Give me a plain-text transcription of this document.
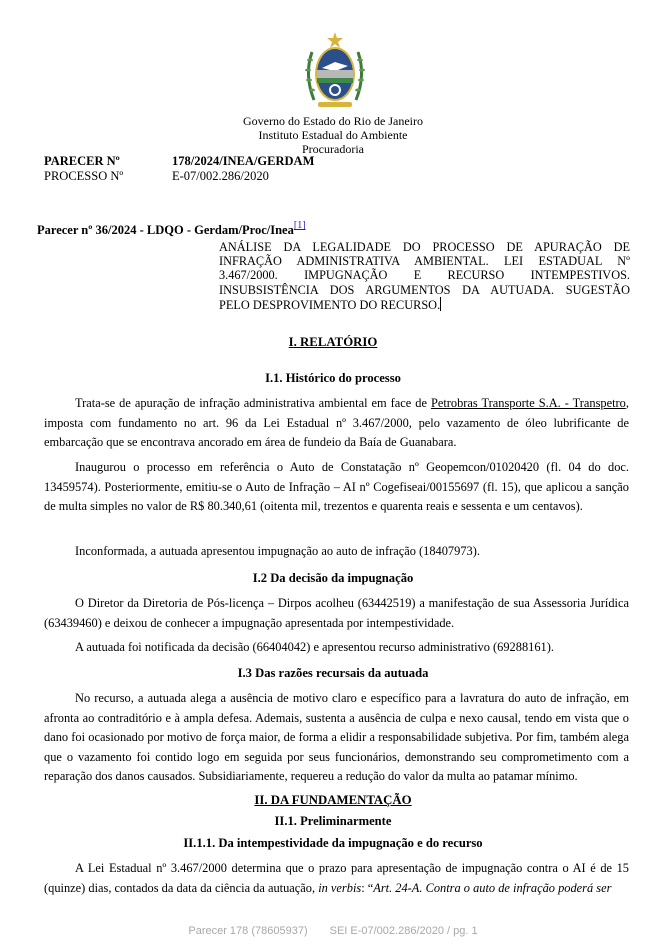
Governo do Estado do Rio de Janeiro
Instituto Estadual do Ambiente
Procuradoria
PARECER Nº	178/2024/INEA/GERDAM
PROCESSO Nº	E-07/002.286/2020
Parecer nº 36/2024 - LDQO - Gerdam/Proc/Inea[1]
ANÁLISE DA LEGALIDADE DO PROCESSO DE APURAÇÃO DE
INFRAÇÃO ADMINISTRATIVA AMBIENTAL. LEI ESTADUAL Nº
3.467/2000. IMPUGNAÇÃO E RECURSO INTEMPESTIVOS.
INSUBSISTÊNCIA DOS ARGUMENTOS DA AUTUADA. SUGESTÃO
PELO DESPROVIMENTO DO RECURSO.
I. RELATÓRIO
I.1. Histórico do processo
Trata-se de apuração de infração administrativa ambiental em face de Petrobras Transporte S.A. - Transpetro, imposta com fundamento no art. 96 da Lei Estadual nº 3.467/2000, pelo vazamento de óleo lubrificante de embarcação que se encontrava ancorado em área de fundeio da Baía de Guanabara.
Inaugurou o processo em referência o Auto de Constatação nº Geopemcon/01020420 (fl. 04 do doc. 13459574). Posteriormente, emitiu-se o Auto de Infração – AI nº Cogefiseai/00155697 (fl. 15), que aplicou a sanção de multa simples no valor de R$ 80.340,61 (oitenta mil, trezentos e quarenta reais e sessenta e um centavos).
Inconformada, a autuada apresentou impugnação ao auto de infração (18407973).
I.2 Da decisão da impugnação
O Diretor da Diretoria de Pós-licença – Dirpos acolheu (63442519) a manifestação de sua Assessoria Jurídica (63439460) e deixou de conhecer a impugnação apresentada por intempestividade.
A autuada foi notificada da decisão (66404042) e apresentou recurso administrativo (69288161).
I.3 Das razões recursais da autuada
No recurso, a autuada alega a ausência de motivo claro e específico para a lavratura do auto de infração, em afronta ao contraditório e à ampla defesa. Ademais, sustenta a ausência de culpa e nexo causal, tendo em vista que o dano foi ocasionado por motivo de força maior, de forma a elidir a responsabilidade subjetiva. Por fim, também alega que o vazamento foi contido logo em seguida por seus funcionários, demonstrando seu comprometimento com a reparação dos danos causados. Subsidiariamente, requereu a redução do valor da multa ao patamar mínimo.
II. DA FUNDAMENTAÇÃO
II.1. Preliminarmente
II.1.1. Da intempestividade da impugnação e do recurso
A Lei Estadual nº 3.467/2000 determina que o prazo para apresentação de impugnação contra o AI é de 15 (quinze) dias, contados da data da ciência da autuação, in verbis: “Art. 24-A. Contra o auto de infração poderá ser
Parecer 178 (78605937) SEI E-07/002.286/2020 / pg. 1
